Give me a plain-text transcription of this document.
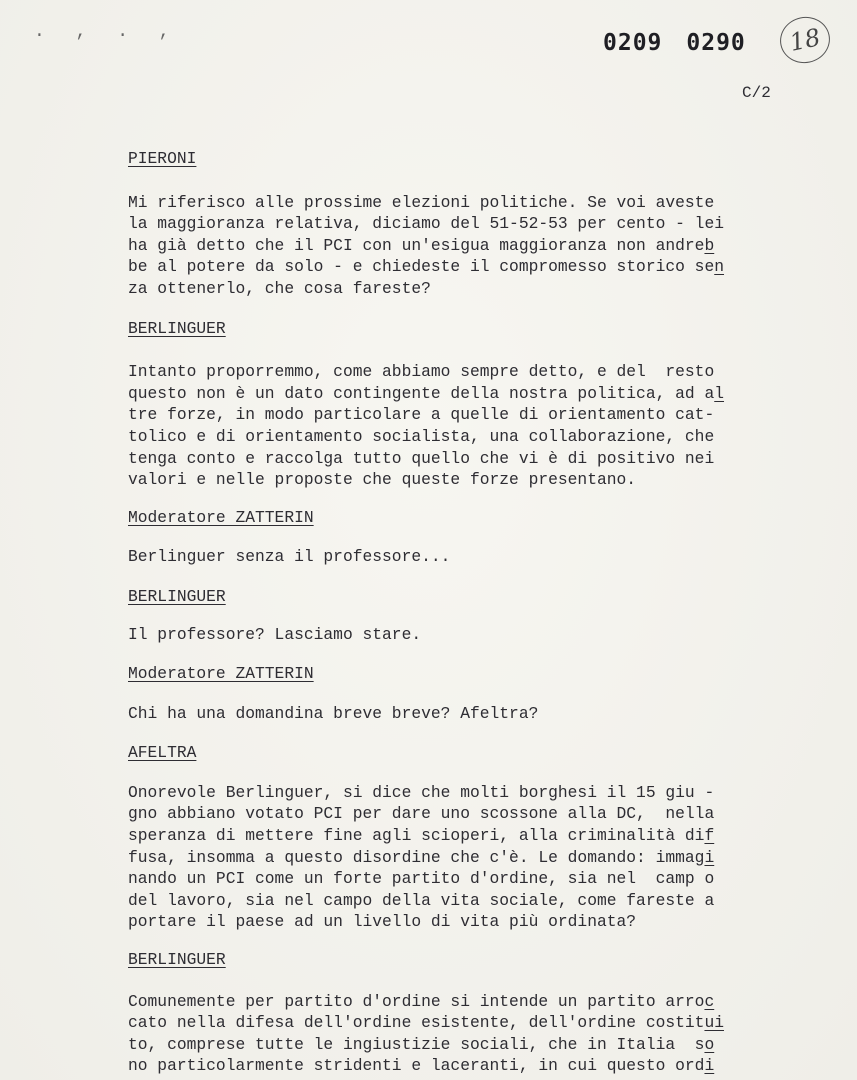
. , . ,	0209 0290	18
C/2
PIERONI
Mi riferisco alle prossime elezioni politiche. Se voi aveste
la maggioranza relativa, diciamo del 51-52-53 per cento - lei
ha già detto che il PCI con un'esigua maggioranza non andreb
be al potere da solo - e chiedeste il compromesso storico sen
za ottenerlo, che cosa fareste?
BERLINGUER
Intanto proporremmo, come abbiamo sempre detto, e del  resto
questo non è un dato contingente della nostra politica, ad al
tre forze, in modo particolare a quelle di orientamento cat-
tolico e di orientamento socialista, una collaborazione, che
tenga conto e raccolga tutto quello che vi è di positivo nei
valori e nelle proposte che queste forze presentano.
Moderatore ZATTERIN
Berlinguer senza il professore...
BERLINGUER
Il professore? Lasciamo stare.
Moderatore ZATTERIN
Chi ha una domandina breve breve? Afeltra?
AFELTRA
Onorevole Berlinguer, si dice che molti borghesi il 15 giu -
gno abbiano votato PCI per dare uno scossone alla DC,  nella
speranza di mettere fine agli scioperi, alla criminalità dif
fusa, insomma a questo disordine che c'è. Le domando: immagi
nando un PCI come un forte partito d'ordine, sia nel  camp o
del lavoro, sia nel campo della vita sociale, come fareste a
portare il paese ad un livello di vita più ordinata?
BERLINGUER
Comunemente per partito d'ordine si intende un partito arroc
cato nella difesa dell'ordine esistente, dell'ordine costitui
to, comprese tutte le ingiustizie sociali, che in Italia  so
no particolarmente stridenti e laceranti, in cui questo ordi
